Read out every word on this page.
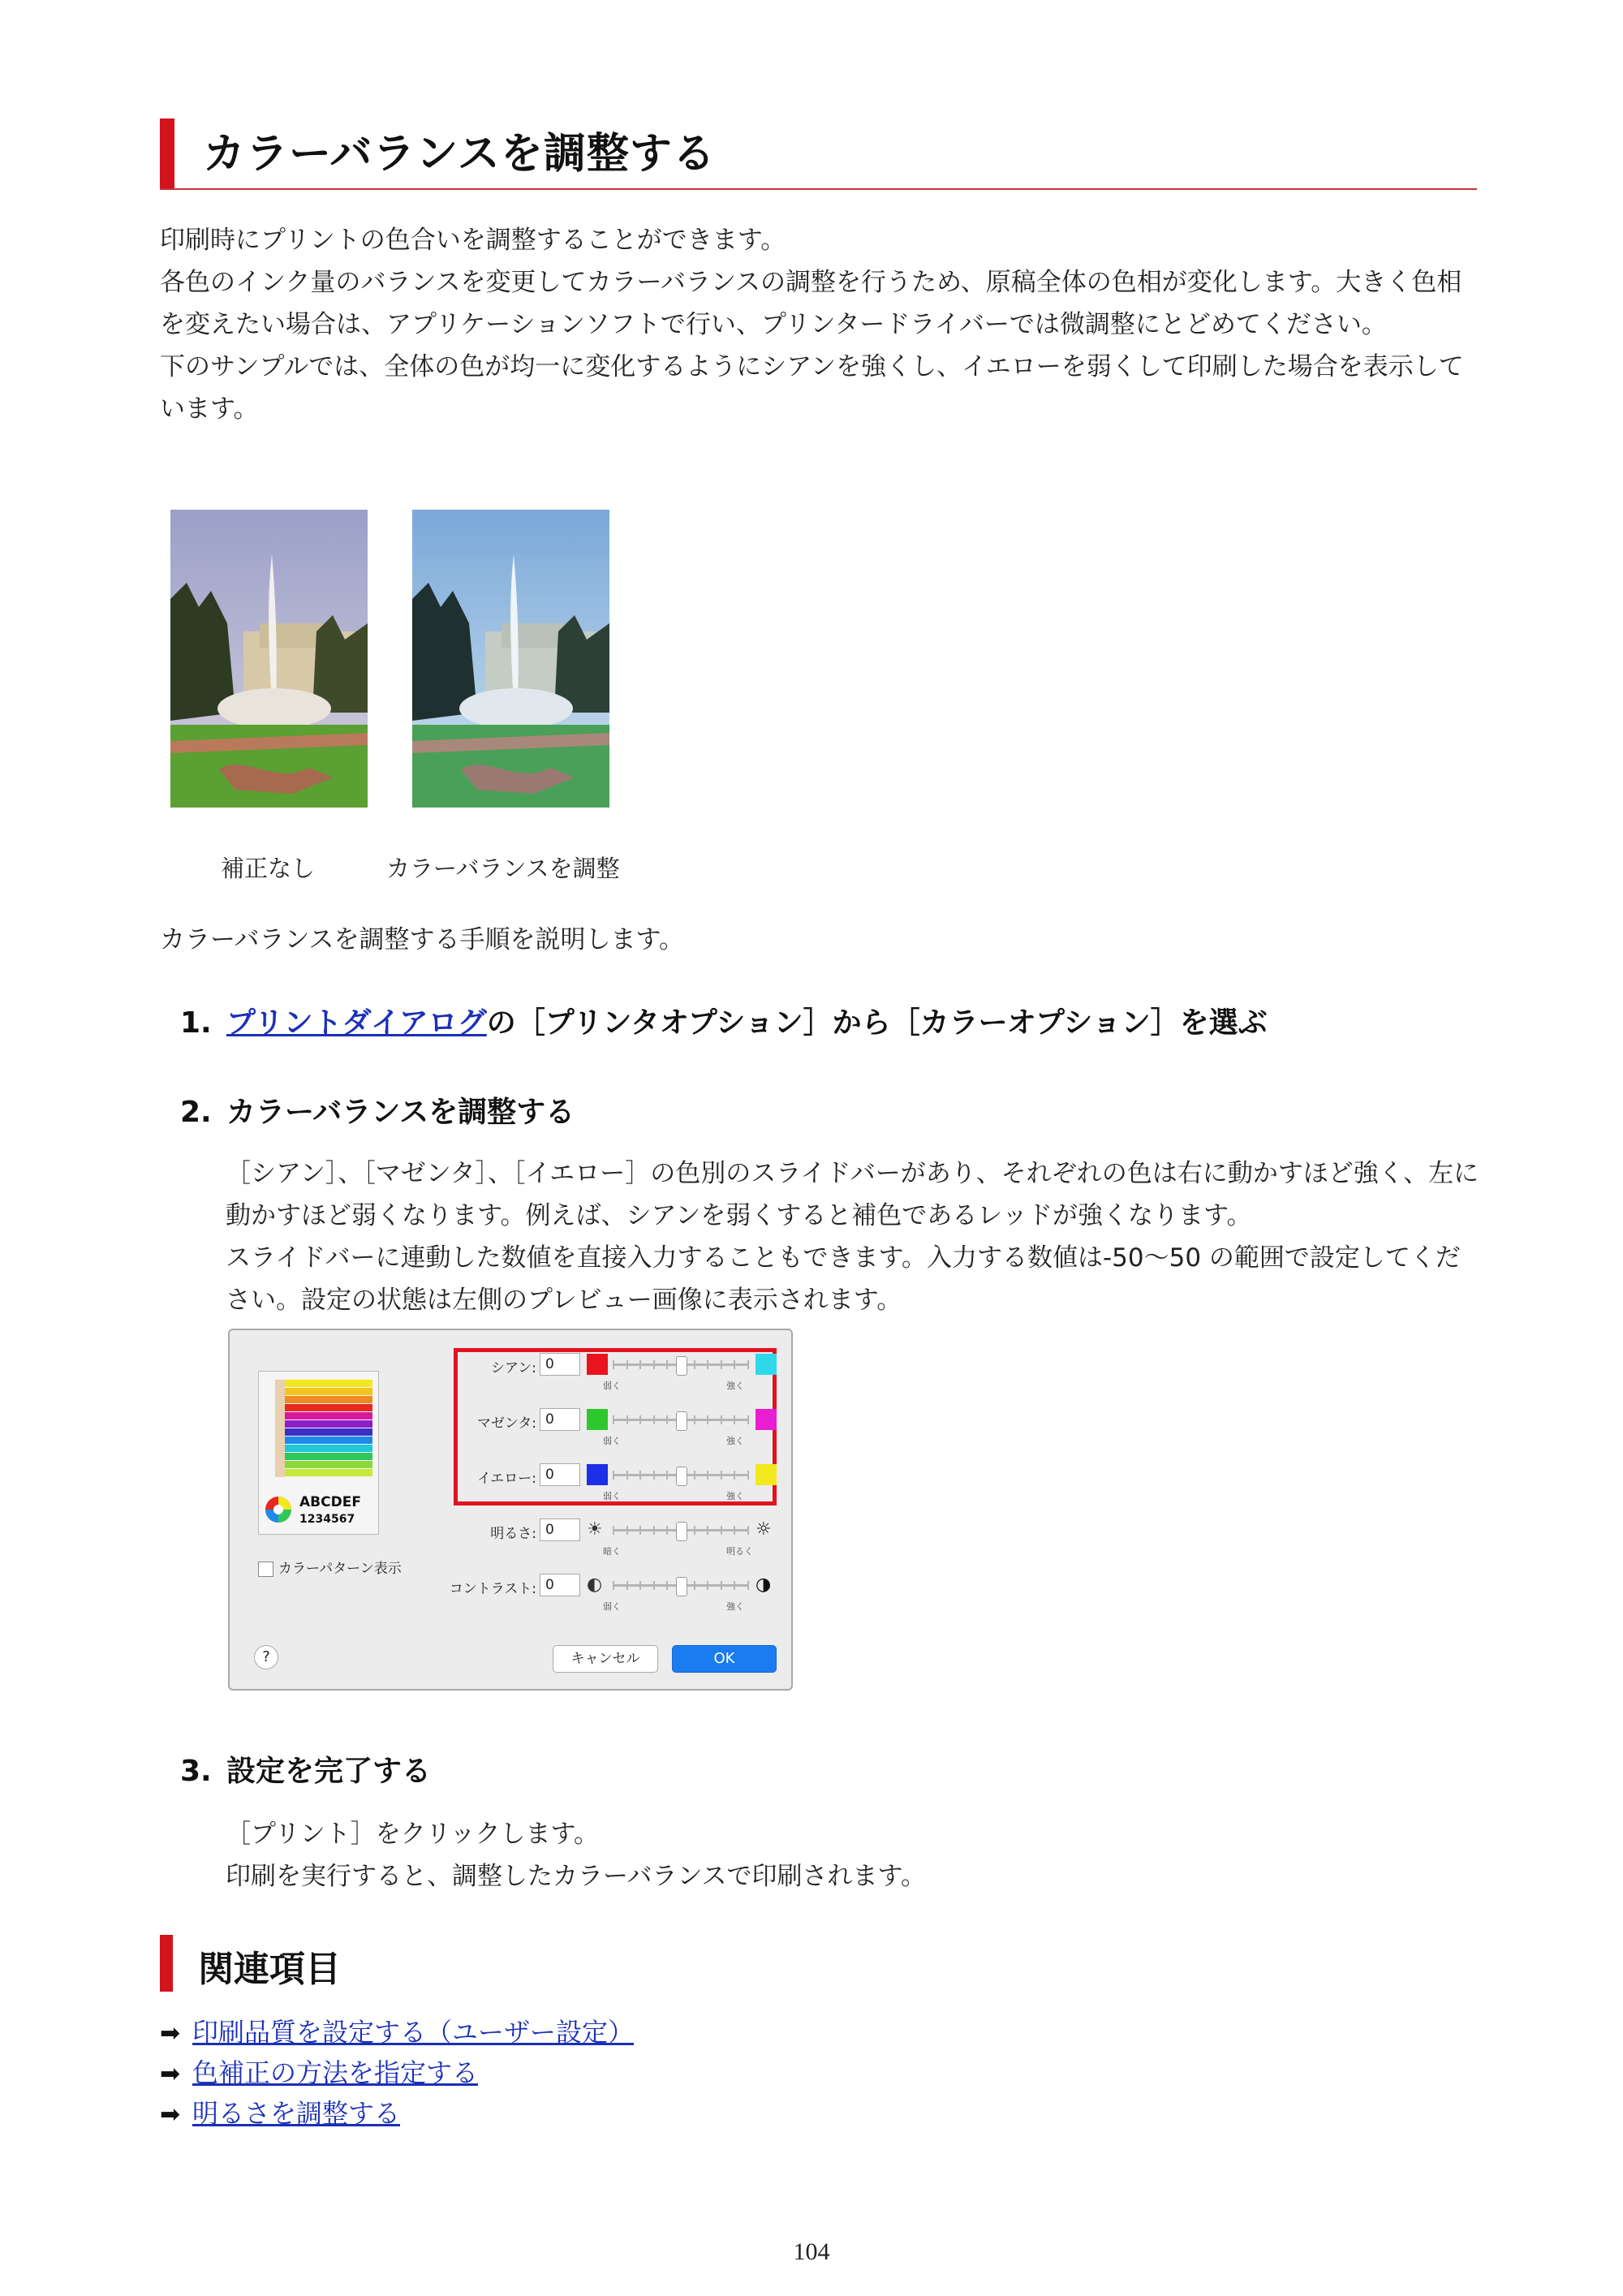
カラーバランスを調整する

印刷時にプリントの色合いを調整することができます。

各色のインク量のバランスを変更してカラーバランスの調整を行うため、原稿全体の色相が変化します。大きく色相を変えたい場合は、アプリケーションソフトで行い、プリンタードライバーでは微調整にとどめてください。

下のサンプルでは、全体の色が均一に変化するようにシアンを強くし、イエローを弱くして印刷した場合を表示しています。

補正なし	カラーバランスを調整
カラーバランスを調整する手順を説明します。
1. プリントダイアログの［プリンタオプション］から［カラーオプション］を選ぶ
2. カラーバランスを調整する

［シアン］、［マゼンタ］、［イエロー］の色別のスライドバーがあり、それぞれの色は右に動かすほど強く、左に動かすほど弱くなります。例えば、シアンを弱くすると補色であるレッドが強くなります。

スライドバーに連動した数値を直接入力することもできます。入力する数値は-50〜50 の範囲で設定してください。設定の状態は左側のプレビュー画像に表示されます。

ABCDEF
1234567
カラーパターン表示
?	キャンセル	OK
シアン: 0
弱く	強く
マゼンタ: 0
弱く	強く
イエロー: 0
弱く	強く
明るさ: 0	☀	☼
暗く	明るく
コントラスト: 0	◐	◑
弱く	強く
3. 設定を完了する

［プリント］をクリックします。

印刷を実行すると、調整したカラーバランスで印刷されます。

関連項目
➡ 印刷品質を設定する（ユーザー設定）
➡ 色補正の方法を指定する
➡ 明るさを調整する
104
